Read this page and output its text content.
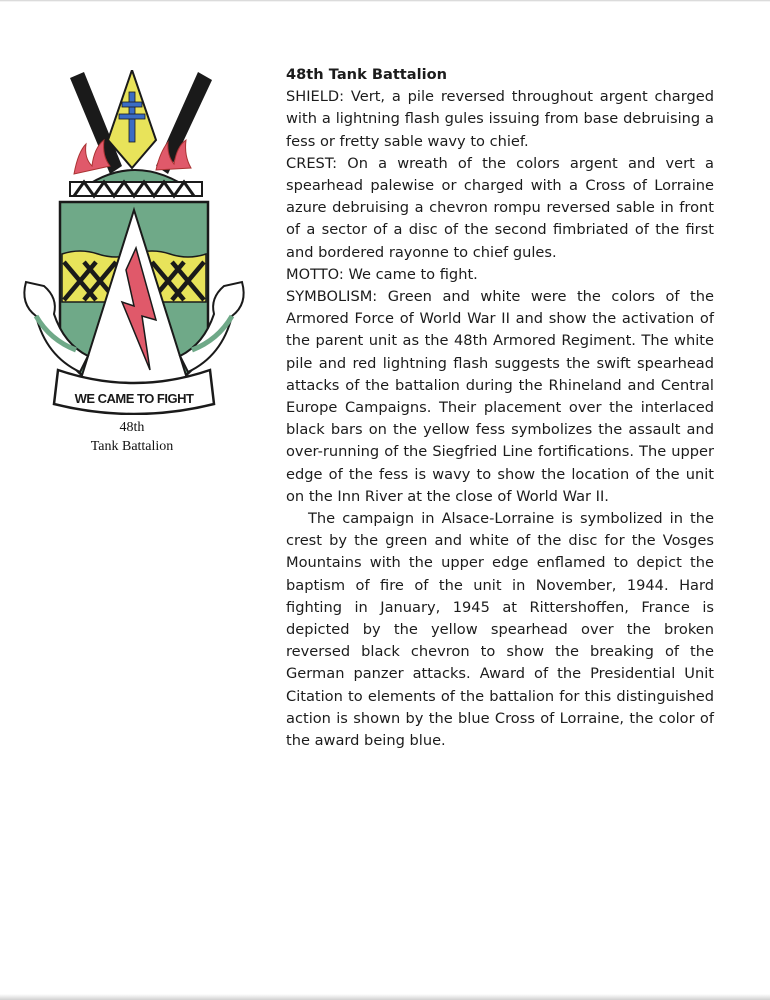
WE CAME TO FIGHT
48th
Tank Battalion

48th Tank Battalion

SHIELD: Vert, a pile reversed throughout argent charged with a lightning flash gules issuing from base debruising a fess or fretty sable wavy to chief.

CREST: On a wreath of the colors argent and vert a spearhead palewise or charged with a Cross of Lorraine azure debruising a chevron rompu reversed sable in front of a sector of a disc of the second fimbriated of the first and bordered rayonne to chief gules.

MOTTO: We came to fight.

SYMBOLISM: Green and white were the colors of the Armored Force of World War II and show the activation of the parent unit as the 48th Armored Regiment. The white pile and red lightning flash suggests the swift spearhead attacks of the battalion during the Rhineland and Central Europe Campaigns. Their placement over the interlaced black bars on the yellow fess symbolizes the assault and over-running of the Siegfried Line fortifications. The upper edge of the fess is wavy to show the location of the unit on the Inn River at the close of World War II.

The campaign in Alsace-Lorraine is symbolized in the crest by the green and white of the disc for the Vosges Mountains with the upper edge enflamed to depict the baptism of fire of the unit in November, 1944. Hard fighting in January, 1945 at Rittershoffen, France is depicted by the yellow spearhead over the broken reversed black chevron to show the breaking of the German panzer attacks. Award of the Presidential Unit Citation to elements of the battalion for this distinguished action is shown by the blue Cross of Lorraine, the color of the award being blue.
